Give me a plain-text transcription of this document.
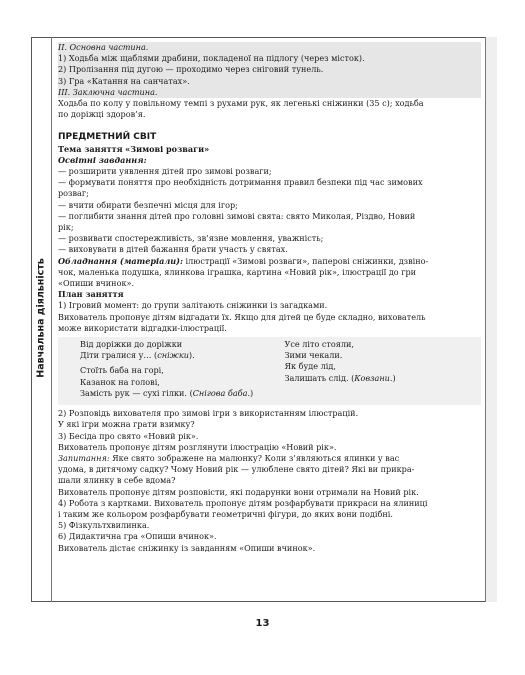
Навчальна діяльність

II. Основна частина.

1) Ходьба між щаблями драбини, покладеної на підлогу (через місток).

2) Пролізання під дугою — проходимо через сніговий тунель.

3) Гра «Катання на санчатах».

III. Заключна частина.

Ходьба по колу у повільному темпі з рухами рук, як легенькі сніжинки (35 с); ходьба

по доріжці здоров’я.

ПРЕДМЕТНИЙ СВІТ

Тема заняття «Зимові розваги»

Освітні завдання:

— розширити уявлення дітей про зимові розваги;

— формувати поняття про необхідність дотримання правил безпеки під час зимових

розваг;

— вчити обирати безпечні місця для ігор;

— поглибити знання дітей про головні зимові свята: свято Миколая, Різдво, Новий

рік;

— розвивати спостережливість, зв’язне мовлення, уважність;

— виховувати в дітей бажання брати участь у святах.

Обладнання (матеріали): ілюстрації «Зимові розваги», паперові сніжинки, дзвіно-

чок, маленька подушка, ялинкова іграшка, картина «Новий рік», ілюстрації до гри

«Опиши вчинок».

План заняття

1) Ігровий момент: до групи залітають сніжинки із загадками.

Вихователь пропонує дітям відгадати їх. Якщо для дітей це буде складно, вихователь

може використати відгадки-ілюстрації.

Від доріжки до доріжки

Діти гралися у… (сніжки).

Стоїть баба на горі,

Казанок на голові,

Замість рук — сухі гілки. (Снігова баба.)

Усе літо стояли,

Зими чекали.

Як буде лід,

Залишать слід. (Ковзани.)

2) Розповідь вихователя про зимові ігри з використанням ілюстрацій.

У які ігри можна грати взимку?

3) Бесіда про свято «Новий рік».

Вихователь пропонує дітям розглянути ілюстрацію «Новий рік».

Запитання: Яке свято зображене на малюнку? Коли з’являються ялинки у вас

удома, в дитячому садку? Чому Новий рік — улюблене свято дітей? Які ви прикра-

шали ялинку в себе вдома?

Вихователь пропонує дітям розповісти, які подарунки вони отримали на Новий рік.

4) Робота з картками. Вихователь пропонує дітям розфарбувати прикраси на ялиниці

і таким же кольором розфарбувати геометричні фігури, до яких вони подібні.

5) Фізкультхвилинка.

6) Дидактична гра «Опиши вчинок».

Вихователь дістає сніжинку із завданням «Опиши вчинок».

13
